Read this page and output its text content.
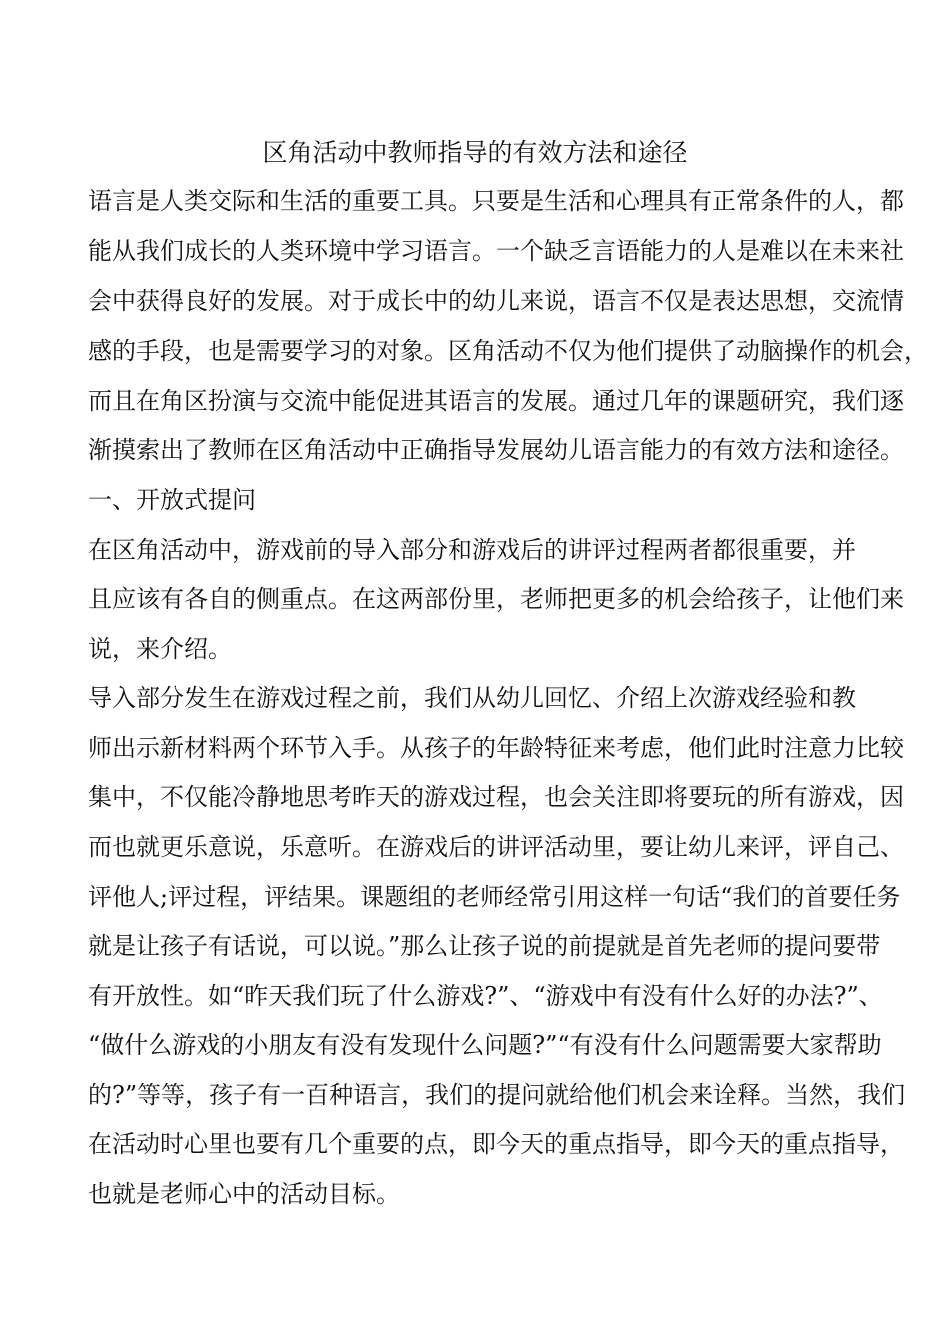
区角活动中教师指导的有效方法和途径
语言是人类交际和生活的重要工具。只要是生活和心理具有正常条件的人，都
能从我们成长的人类环境中学习语言。一个缺乏言语能力的人是难以在未来社
会中获得良好的发展。对于成长中的幼儿来说，语言不仅是表达思想，交流情
感的手段，也是需要学习的对象。区角活动不仅为他们提供了动脑操作的机会，
而且在角区扮演与交流中能促进其语言的发展。通过几年的课题研究，我们逐
渐摸索出了教师在区角活动中正确指导发展幼儿语言能力的有效方法和途径。
一、开放式提问
在区角活动中，游戏前的导入部分和游戏后的讲评过程两者都很重要，并
且应该有各自的侧重点。在这两部份里，老师把更多的机会给孩子，让他们来
说，来介绍。
导入部分发生在游戏过程之前，我们从幼儿回忆、介绍上次游戏经验和教
师出示新材料两个环节入手。从孩子的年龄特征来考虑，他们此时注意力比较
集中，不仅能冷静地思考昨天的游戏过程，也会关注即将要玩的所有游戏，因
而也就更乐意说，乐意听。在游戏后的讲评活动里，要让幼儿来评，评自己、
评他人;评过程，评结果。课题组的老师经常引用这样一句话“我们的首要任务
就是让孩子有话说，可以说。”那么让孩子说的前提就是首先老师的提问要带
有开放性。如“昨天我们玩了什么游戏?”、“游戏中有没有什么好的办法?”、
“做什么游戏的小朋友有没有发现什么问题?”“有没有什么问题需要大家帮助
的?”等等，孩子有一百种语言，我们的提问就给他们机会来诠释。当然，我们
在活动时心里也要有几个重要的点，即今天的重点指导，即今天的重点指导，
也就是老师心中的活动目标。
